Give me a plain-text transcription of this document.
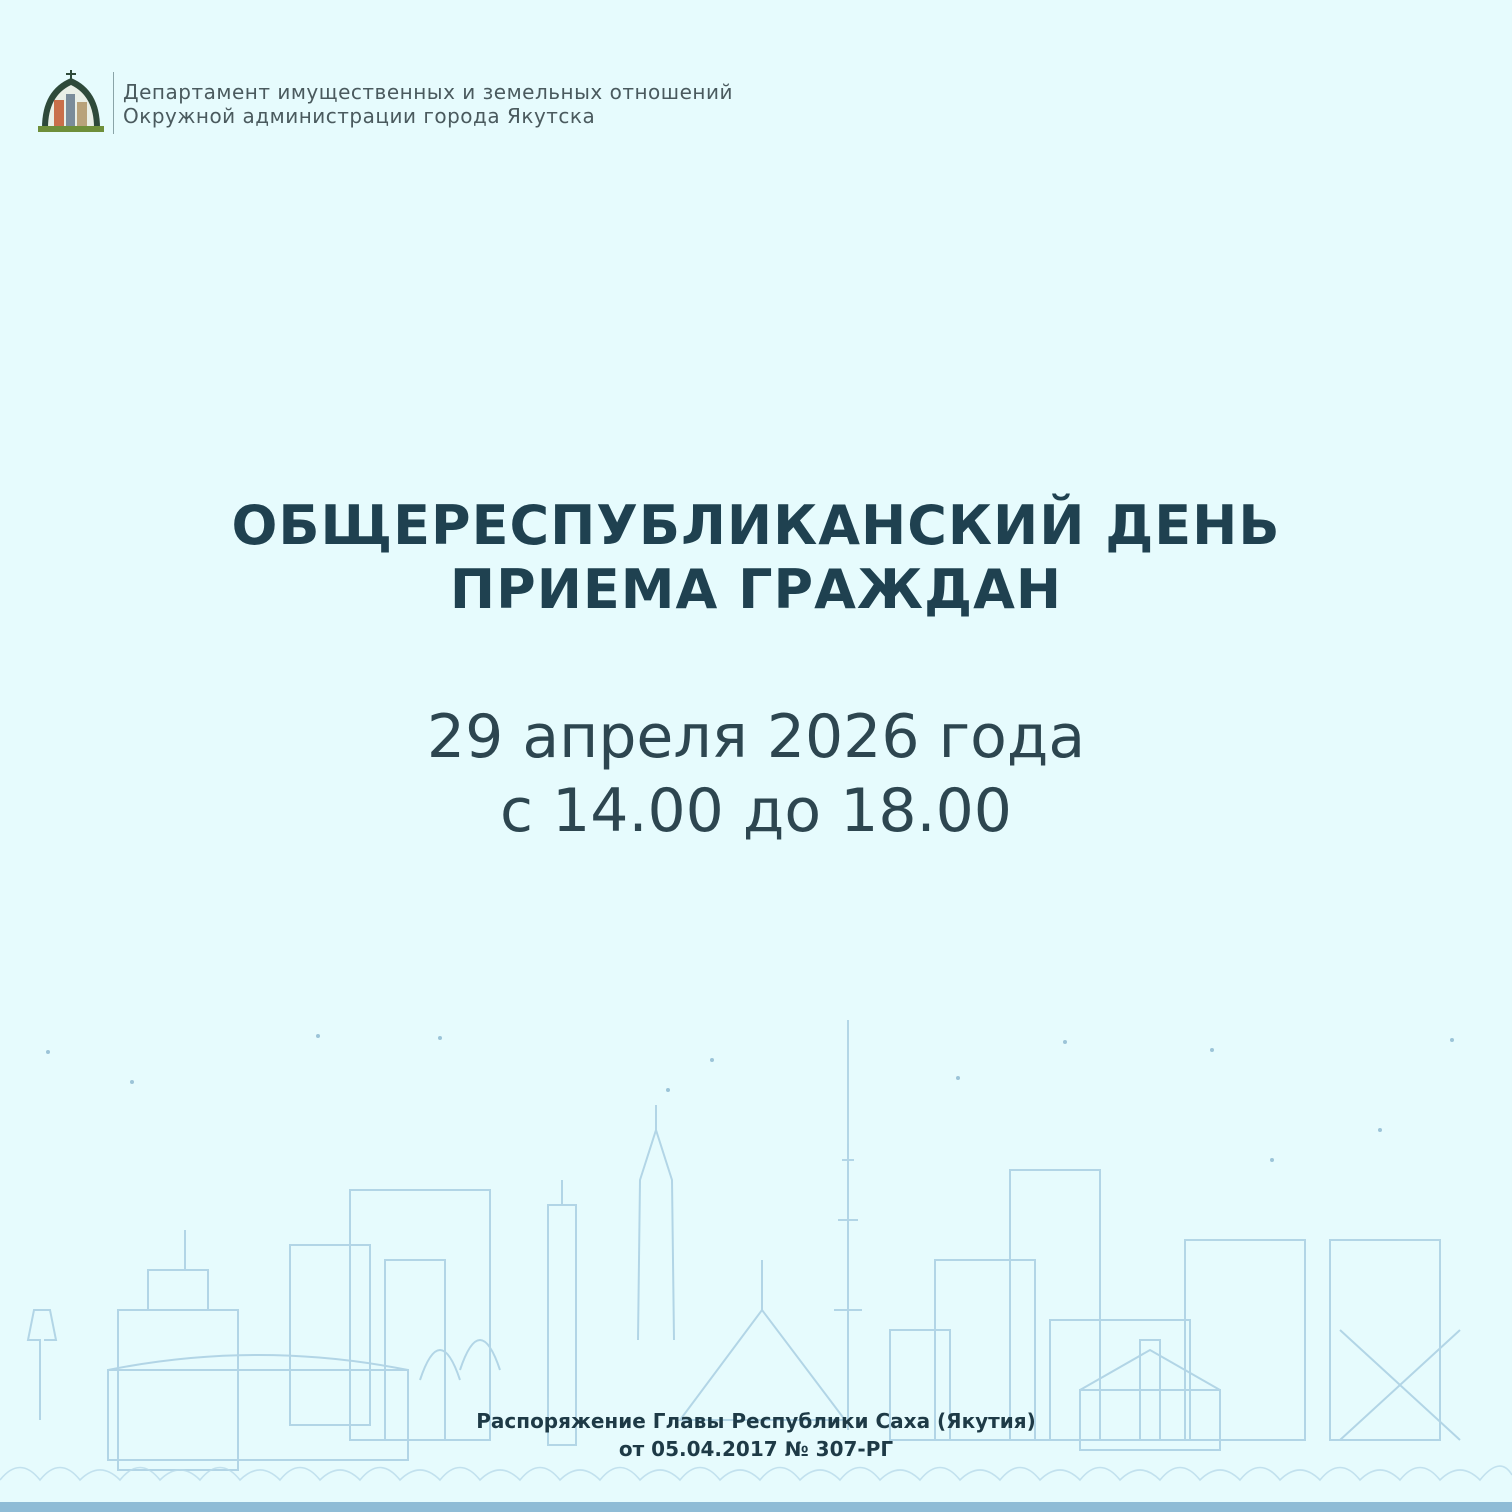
Департамент имущественных и земельных отношений
Окружной администрации города Якутска
ОБЩЕРЕСПУБЛИКАНСКИЙ ДЕНЬ
ПРИЕМА ГРАЖДАН
29 апреля 2026 года
с 14.00 до 18.00
Распоряжение Главы Республики Саха (Якутия)
от 05.04.2017 № 307-РГ
